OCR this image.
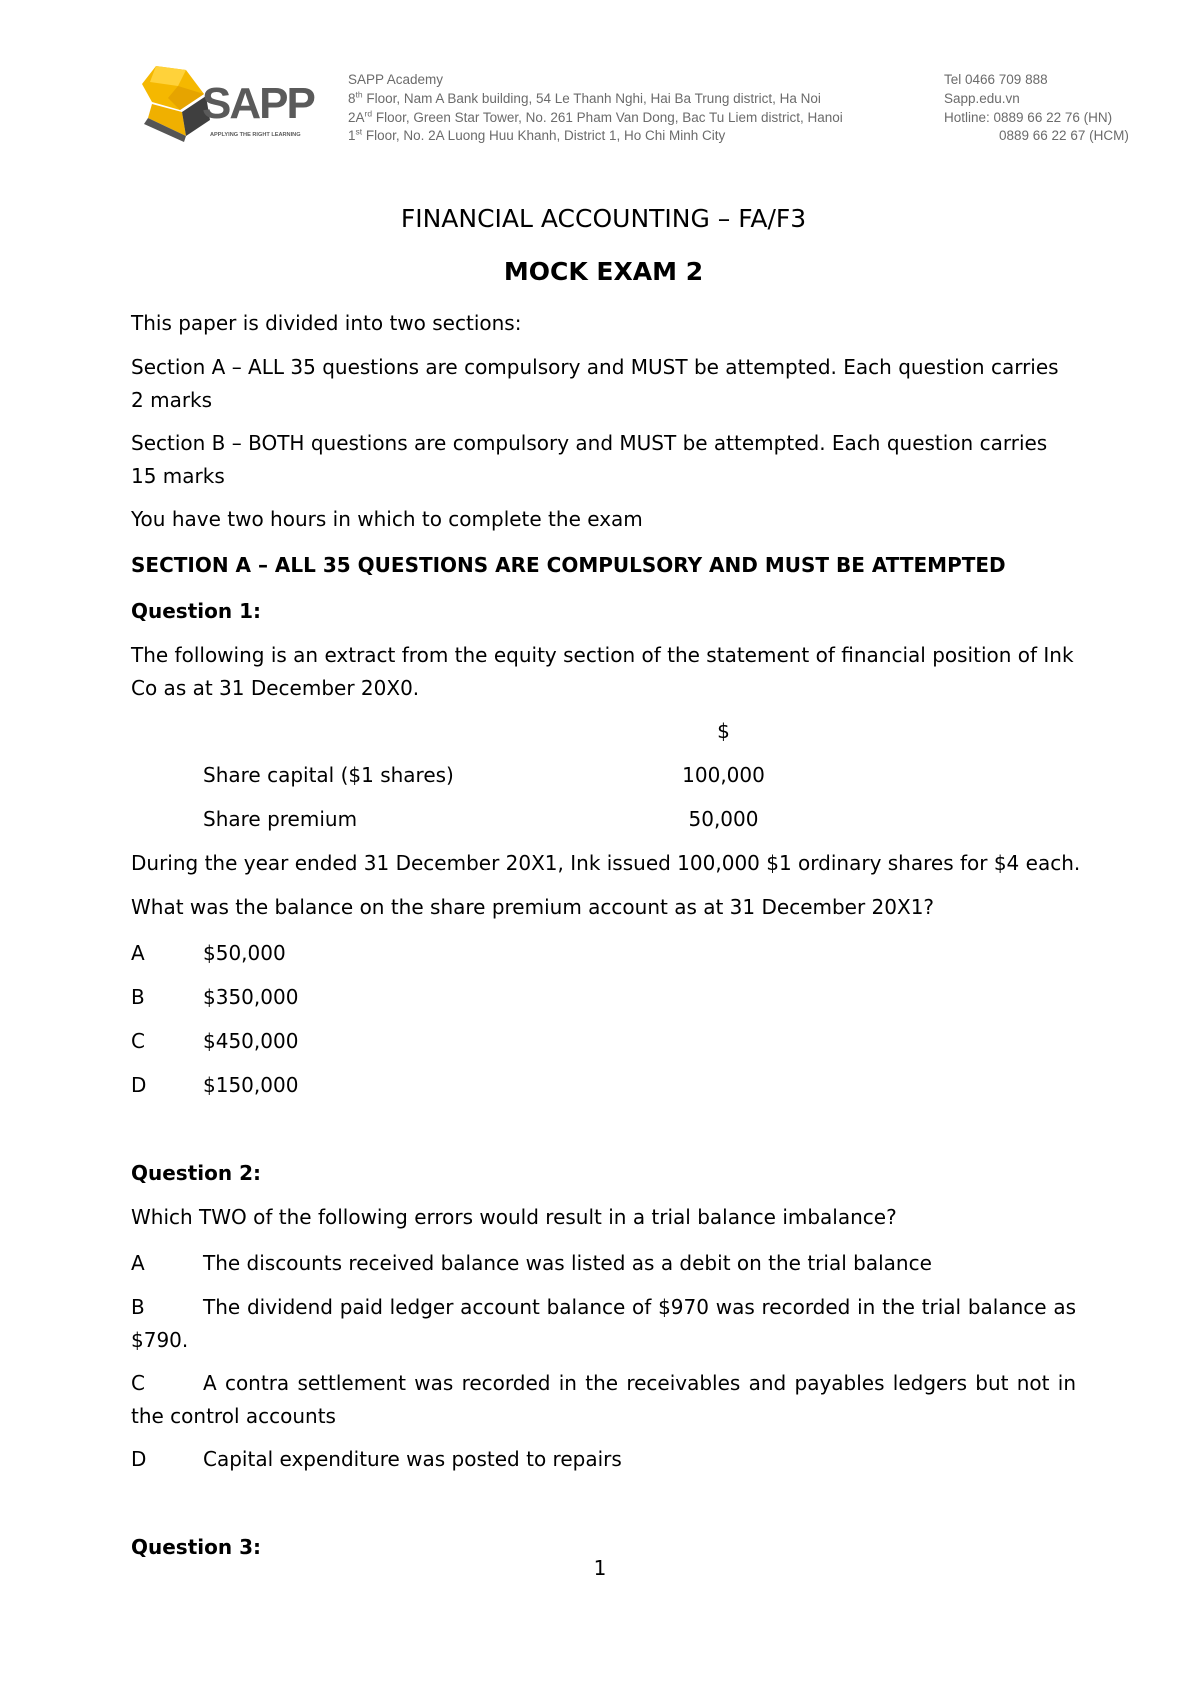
SAPP
APPLYING THE RIGHT LEARNING
SAPP Academy
8th Floor, Nam A Bank building, 54 Le Thanh Nghi, Hai Ba Trung district, Ha Noi
$2A^{rd}$ Floor, Green Star Tower, No. 261 Pham Van Dong, Bac Tu Liem district, Hanoi
1st Floor, No. 2A Luong Huu Khanh, District 1, Ho Chi Minh City
Tel 0466 709 888
Sapp.edu.vn
Hotline: 0889 66 22 76 (HN)
0889 66 22 67 (HCM)
FINANCIAL ACCOUNTING – FA/F3
MOCK EXAM 2
This paper is divided into two sections:
Section A – ALL 35 questions are compulsory and MUST be attempted. Each question carries 2 marks
Section B – BOTH questions are compulsory and MUST be attempted. Each question carries 15 marks
You have two hours in which to complete the exam
SECTION A – ALL 35 QUESTIONS ARE COMPULSORY AND MUST BE ATTEMPTED
Question 1:
The following is an extract from the equity section of the statement of financial position of Ink Co as at 31 December 20X0.
$
Share capital ($1 shares)	100,000
Share premium	50,000
During the year ended 31 December 20X1, Ink issued 100,000 $1 ordinary shares for $4 each.
What was the balance on the share premium account as at 31 December 20X1?
A	$50,000
B	$350,000
C	$450,000
D	$150,000
Question 2:
Which TWO of the following errors would result in a trial balance imbalance?
A	The discounts received balance was listed as a debit on the trial balance
B	The dividend paid ledger account balance of $970 was recorded in the trial balance as $790.
C	A contra settlement was recorded in the receivables and payables ledgers but not in the control accounts
D	Capital expenditure was posted to repairs
Question 3:
1
